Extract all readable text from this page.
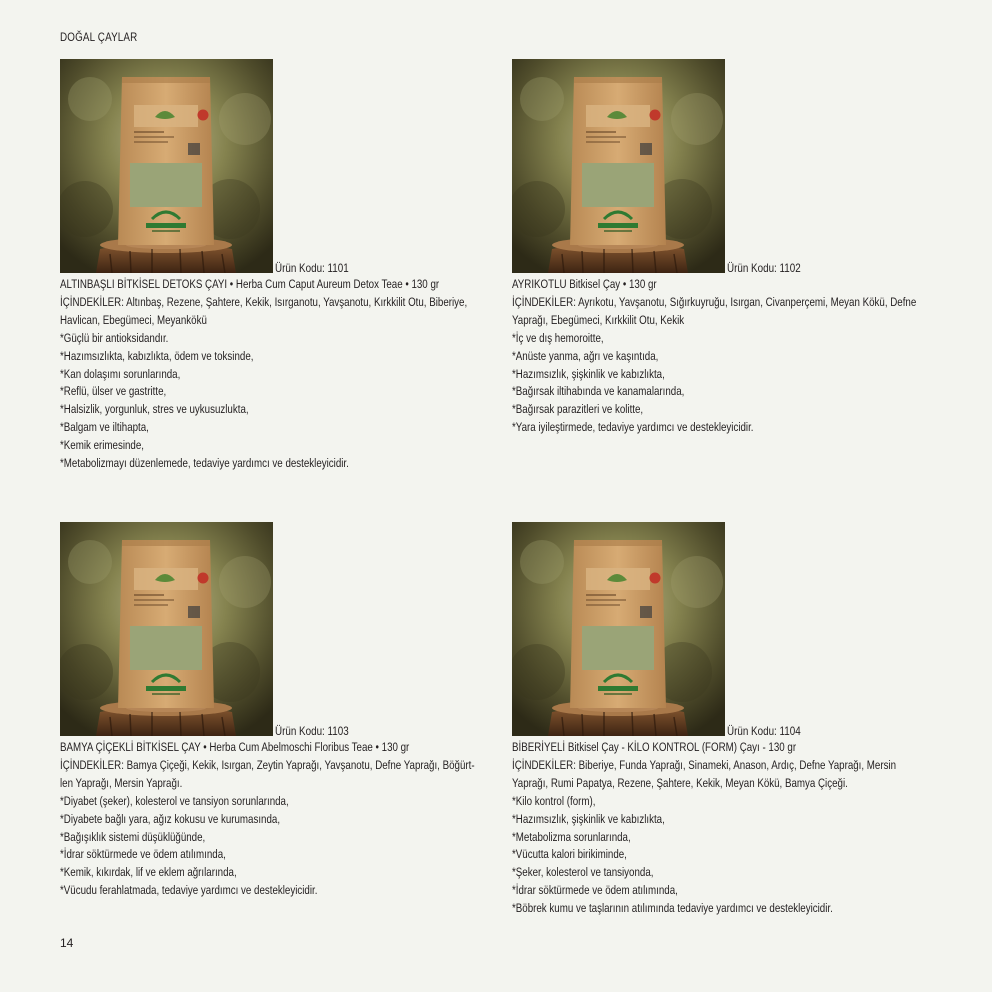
DOĞAL ÇAYLAR
Ürün Kodu: 1101

ALTINBAŞLI BİTKİSEL DETOKS ÇAYI • Herba Cum Caput Aureum Detox Teae • 130 gr

İÇİNDEKİLER: Altınbaş, Rezene, Şahtere, Kekik, Isırganotu, Yavşanotu, Kırkkilit Otu, Biberiye,

Havlican, Ebegümeci, Meyankökü

*Güçlü bir antioksidandır.

*Hazımsızlıkta, kabızlıkta, ödem ve toksinde,

*Kan dolaşımı sorunlarında,

*Reflü, ülser ve gastritte,

*Halsizlik, yorgunluk, stres ve uykusuzlukta,

*Balgam ve iltihapta,

*Kemik erimesinde,

*Metabolizmayı düzenlemede, tedaviye yardımcı ve destekleyicidir.

Ürün Kodu: 1102

AYRIKOTLU Bitkisel Çay • 130 gr

İÇİNDEKİLER: Ayrıkotu, Yavşanotu, Sığırkuyruğu, Isırgan, Civanperçemi, Meyan Kökü, Defne

Yaprağı, Ebegümeci, Kırkkilit Otu, Kekik

*İç ve dış hemoroitte,

*Anüste yanma, ağrı ve kaşıntıda,

*Hazımsızlık, şişkinlik ve kabızlıkta,

*Bağırsak iltihabında ve kanamalarında,

*Bağırsak parazitleri ve kolitte,

*Yara iyileştirmede, tedaviye yardımcı ve destekleyicidir.

Ürün Kodu: 1103

BAMYA ÇİÇEKLİ BİTKİSEL ÇAY • Herba Cum Abelmoschi Floribus Teae • 130 gr

İÇİNDEKİLER: Bamya Çiçeği, Kekik, Isırgan, Zeytin Yaprağı, Yavşanotu, Defne Yaprağı, Böğürt-

len Yaprağı, Mersin Yaprağı.

*Diyabet (şeker), kolesterol ve tansiyon sorunlarında,

*Diyabete bağlı yara, ağız kokusu ve kurumasında,

*Bağışıklık sistemi düşüklüğünde,

*İdrar söktürmede ve ödem atılımında,

*Kemik, kıkırdak, lif ve eklem ağrılarında,

*Vücudu ferahlatmada, tedaviye yardımcı ve destekleyicidir.

Ürün Kodu: 1104

BİBERİYELİ Bitkisel Çay - KİLO KONTROL (FORM) Çayı - 130 gr

İÇİNDEKİLER: Biberiye, Funda Yaprağı, Sinameki, Anason, Ardıç, Defne Yaprağı, Mersin

Yaprağı, Rumi Papatya, Rezene, Şahtere, Kekik, Meyan Kökü, Bamya Çiçeği.

*Kilo kontrol (form),

*Hazımsızlık, şişkinlik ve kabızlıkta,

*Metabolizma sorunlarında,

*Vücutta kalori birikiminde,

*Şeker, kolesterol ve tansiyonda,

*İdrar söktürmede ve ödem atılımında,

*Böbrek kumu ve taşlarının atılımında tedaviye yardımcı ve destekleyicidir.

14
